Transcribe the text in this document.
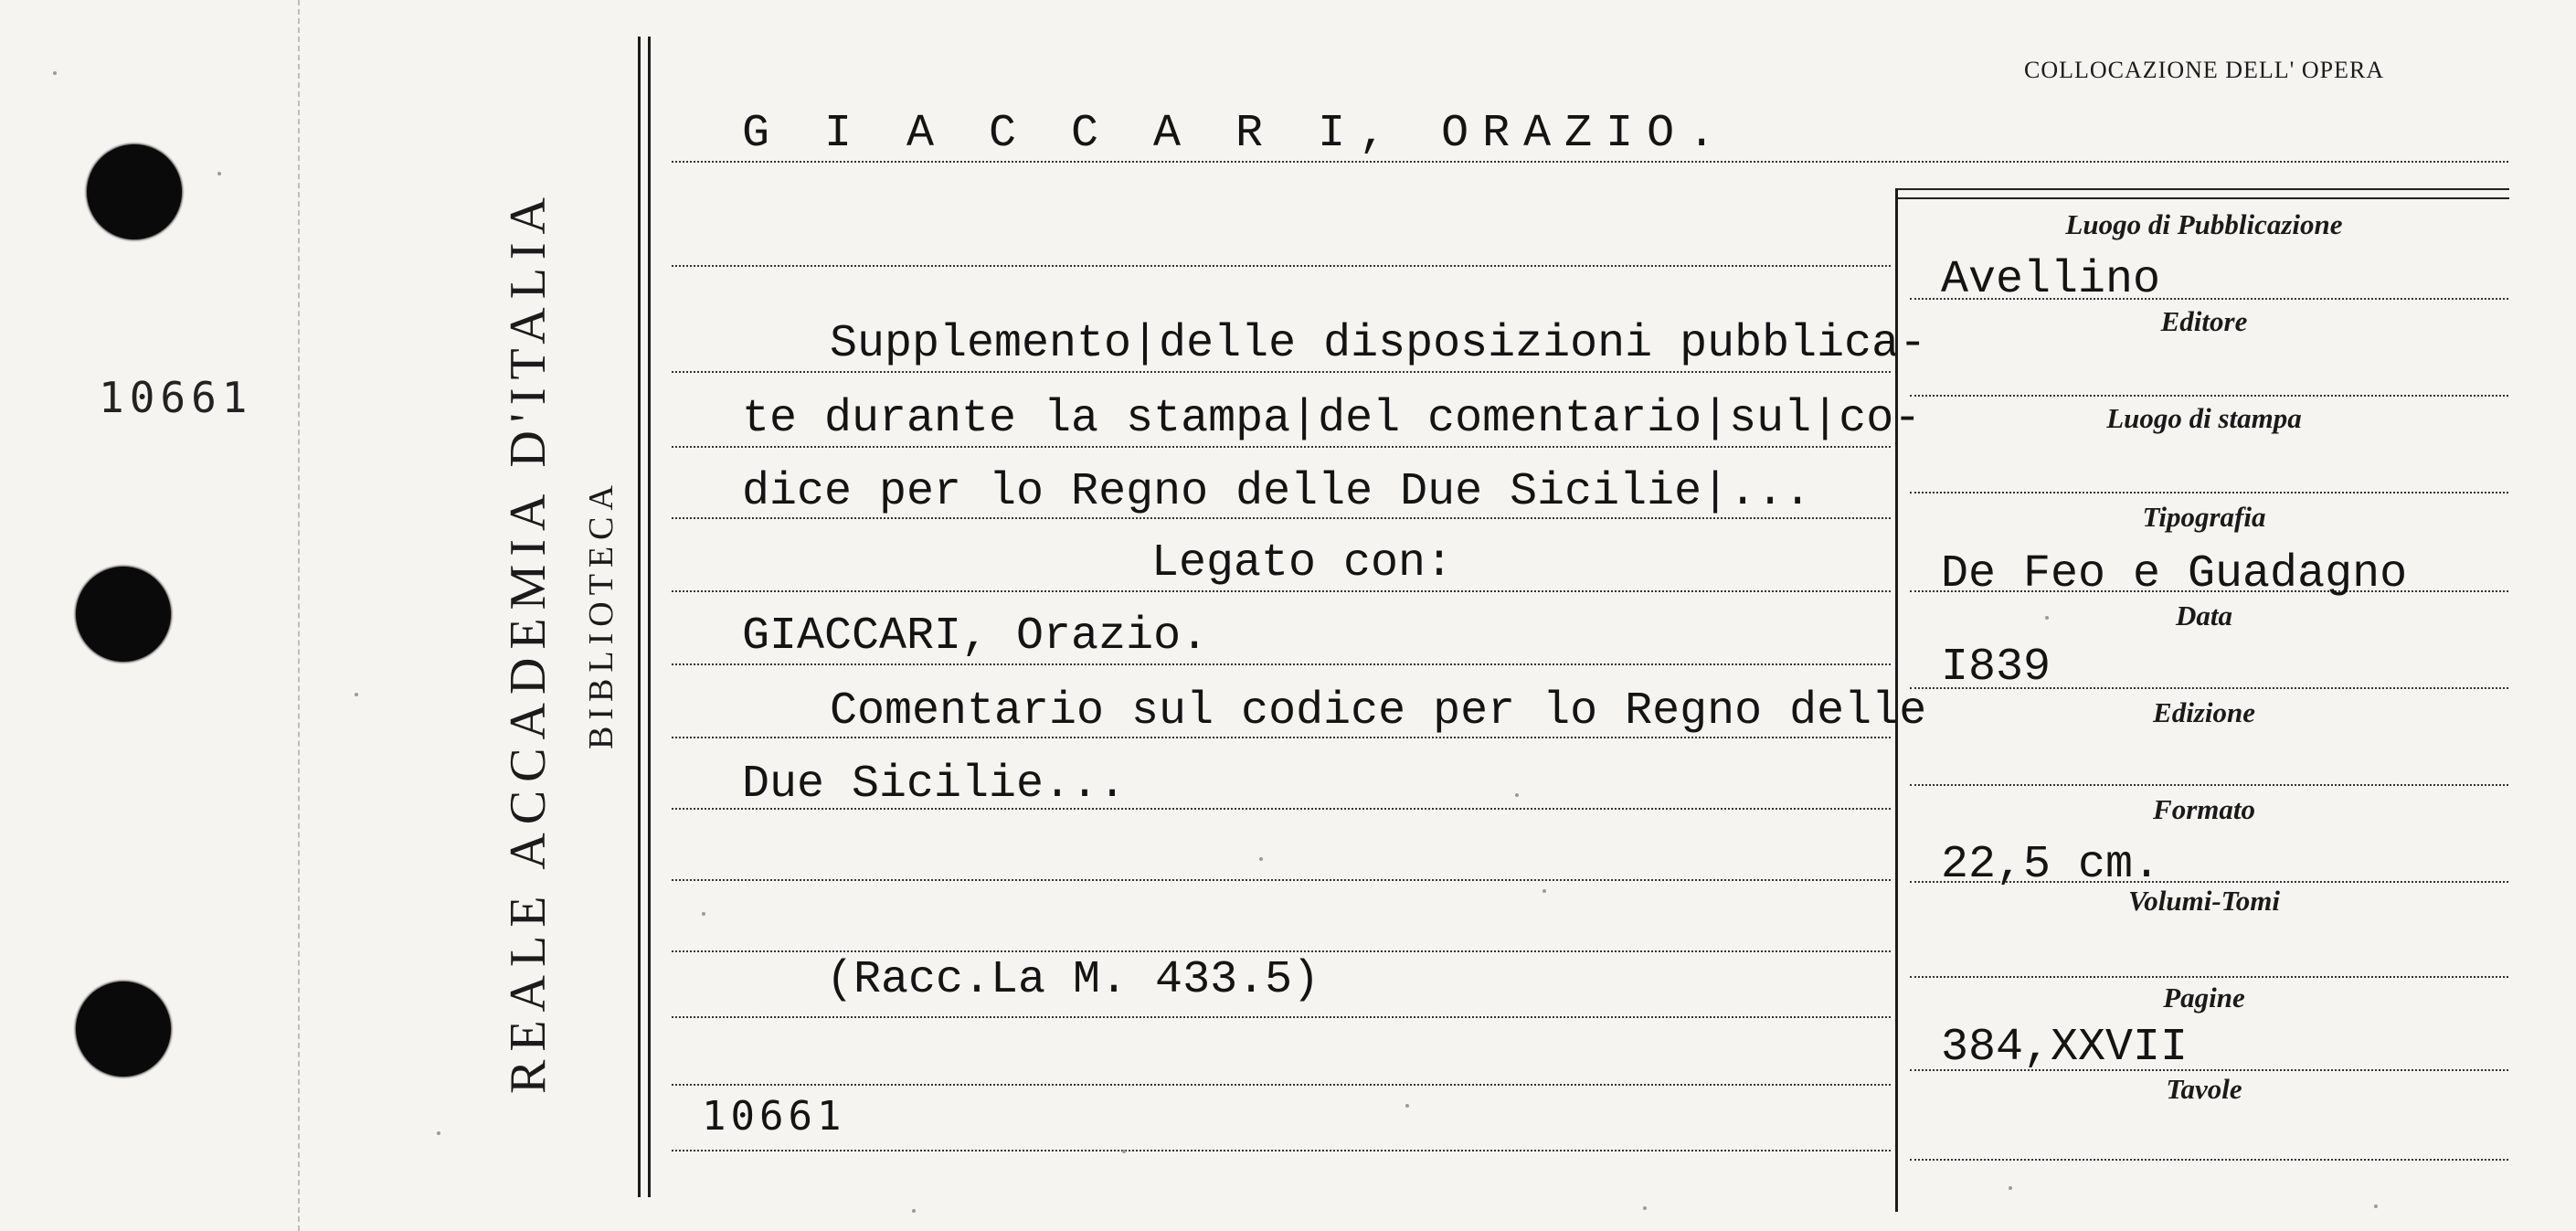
10661	REALE ACCADEMIA D'ITALIA BIBLIOTECA
G I A C C A R I, ORAZIO.
Supplemento|delle disposizioni pubblica-
te durante la stampa|del comentario|sul|co-
dice per lo Regno delle Due Sicilie|...
Legato con:
GIACCARI, Orazio.
Comentario sul codice per lo Regno delle
Due Sicilie...
(Racc.La M. 433.5)
10661
COLLOCAZIONE DELL' OPERA
Luogo di Pubblicazione
Editore
Luogo di stampa
Tipografia
Data
Edizione
Formato
Volumi-Tomi
Pagine
Tavole
Avellino
De Feo e Guadagno
I839
22,5 cm.
384,XXVII
